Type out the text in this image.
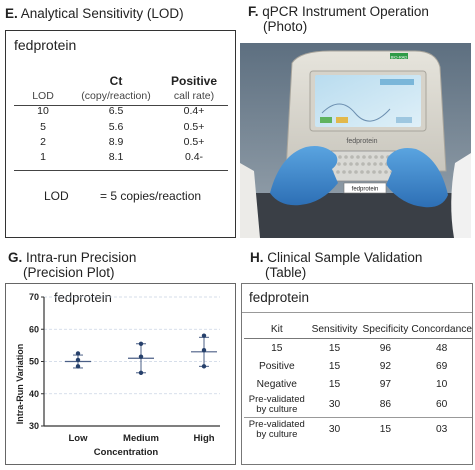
E. Analytical Sensitivity (LOD)
fedprotein
	Ct	Positive
LOD	(copy/reaction)	call rate)
10	6.5	0.4+
5	5.6	0.5+
2	8.9	0.5+
1	8.1	0.4-
LOD	= 5 copies/reaction
F. qPCR Instrument Operation
(Photo)
BIO-RAD
fedprotein
fedprotein
G. Intra-run Precision
(Precision Plot)
fedprotein
Intra-Run Variation
Concentration
30
40
50
60
70
Low	Medium	High
H. Clinical Sample Validation
(Table)
fedprotein
Kit	Sensitivity	Specificity	Concordance
15	15	96	48
Positive	15	92	69
Negative	15	97	10
Pre-validated
by culture	30	86	60
Pre-validated
by culture	30	15	03
